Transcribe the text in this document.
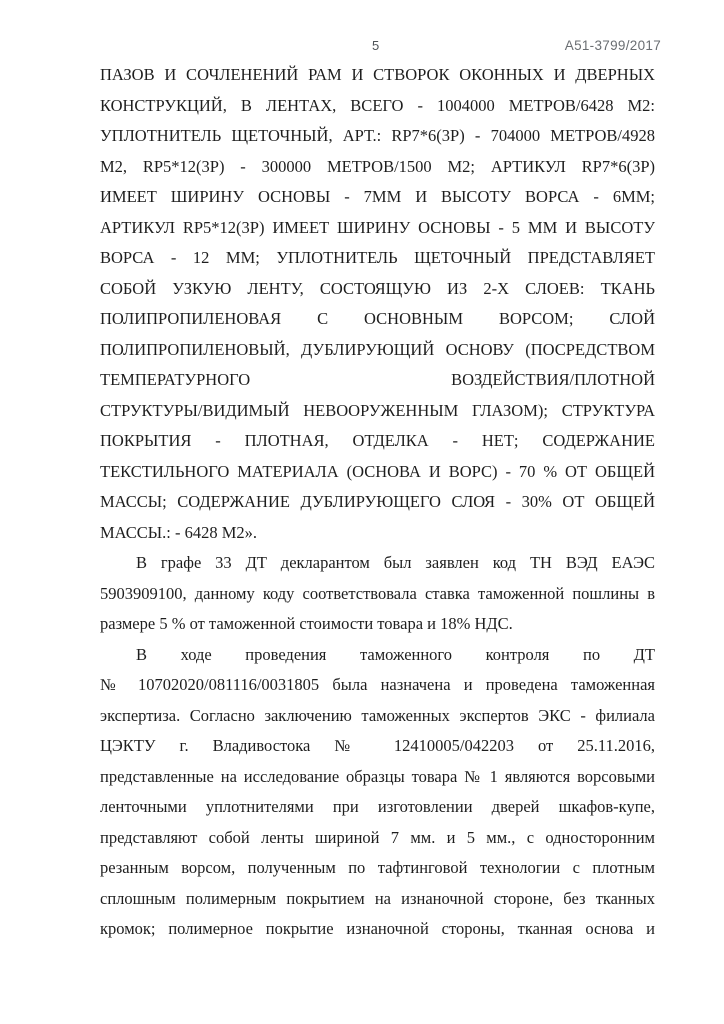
5	А51-3799/2017
ПАЗОВ И СОЧЛЕНЕНИЙ РАМ И СТВОРОК ОКОННЫХ И ДВЕРНЫХ
КОНСТРУКЦИЙ, В ЛЕНТАХ, ВСЕГО - 1004000 МЕТРОВ/6428 М2:
УПЛОТНИТЕЛЬ ЩЕТОЧНЫЙ, АРТ.: RP7*6(3Р) - 704000 МЕТРОВ/4928
М2, RP5*12(3Р) - 300000 МЕТРОВ/1500 М2; АРТИКУЛ RP7*6(3Р)
ИМЕЕТ ШИРИНУ ОСНОВЫ - 7ММ И ВЫСОТУ ВОРСА - 6ММ;
АРТИКУЛ RP5*12(3Р) ИМЕЕТ ШИРИНУ ОСНОВЫ - 5 ММ И ВЫСОТУ
ВОРСА - 12 ММ; УПЛОТНИТЕЛЬ ЩЕТОЧНЫЙ ПРЕДСТАВЛЯЕТ
СОБОЙ УЗКУЮ ЛЕНТУ, СОСТОЯЩУЮ ИЗ 2-Х СЛОЕВ: ТКАНЬ
ПОЛИПРОПИЛЕНОВАЯ С ОСНОВНЫМ ВОРСОМ; СЛОЙ
ПОЛИПРОПИЛЕНОВЫЙ, ДУБЛИРУЮЩИЙ ОСНОВУ (ПОСРЕДСТВОМ
ТЕМПЕРАТУРНОГО ВОЗДЕЙСТВИЯ/ПЛОТНОЙ
СТРУКТУРЫ/ВИДИМЫЙ НЕВООРУЖЕННЫМ ГЛАЗОМ); СТРУКТУРА
ПОКРЫТИЯ - ПЛОТНАЯ, ОТДЕЛКА - НЕТ; СОДЕРЖАНИЕ
ТЕКСТИЛЬНОГО МАТЕРИАЛА (ОСНОВА И ВОРС) - 70 % ОТ ОБЩЕЙ
МАССЫ; СОДЕРЖАНИЕ ДУБЛИРУЮЩЕГО СЛОЯ - 30% ОТ ОБЩЕЙ
МАССЫ.: - 6428 М2».
В графе 33 ДТ декларантом был заявлен код ТН ВЭД ЕАЭС
5903909100, данному коду соответствовала ставка таможенной пошлины в
размере 5 % от таможенной стоимости товара и 18% НДС.
В ходе проведения таможенного контроля по ДТ
№ 10702020/081116/0031805 была назначена и проведена таможенная
экспертиза. Согласно заключению таможенных экспертов ЭКС - филиала
ЦЭКТУ г. Владивостока № 12410005/042203 от 25.11.2016,
представленные на исследование образцы товара № 1 являются ворсовыми
ленточными уплотнителями при изготовлении дверей шкафов-купе,
представляют собой ленты шириной 7 мм. и 5 мм., с односторонним
резанным ворсом, полученным по тафтинговой технологии с плотным
сплошным полимерным покрытием на изнаночной стороне, без тканных
кромок; полимерное покрытие изнаночной стороны, тканная основа и
